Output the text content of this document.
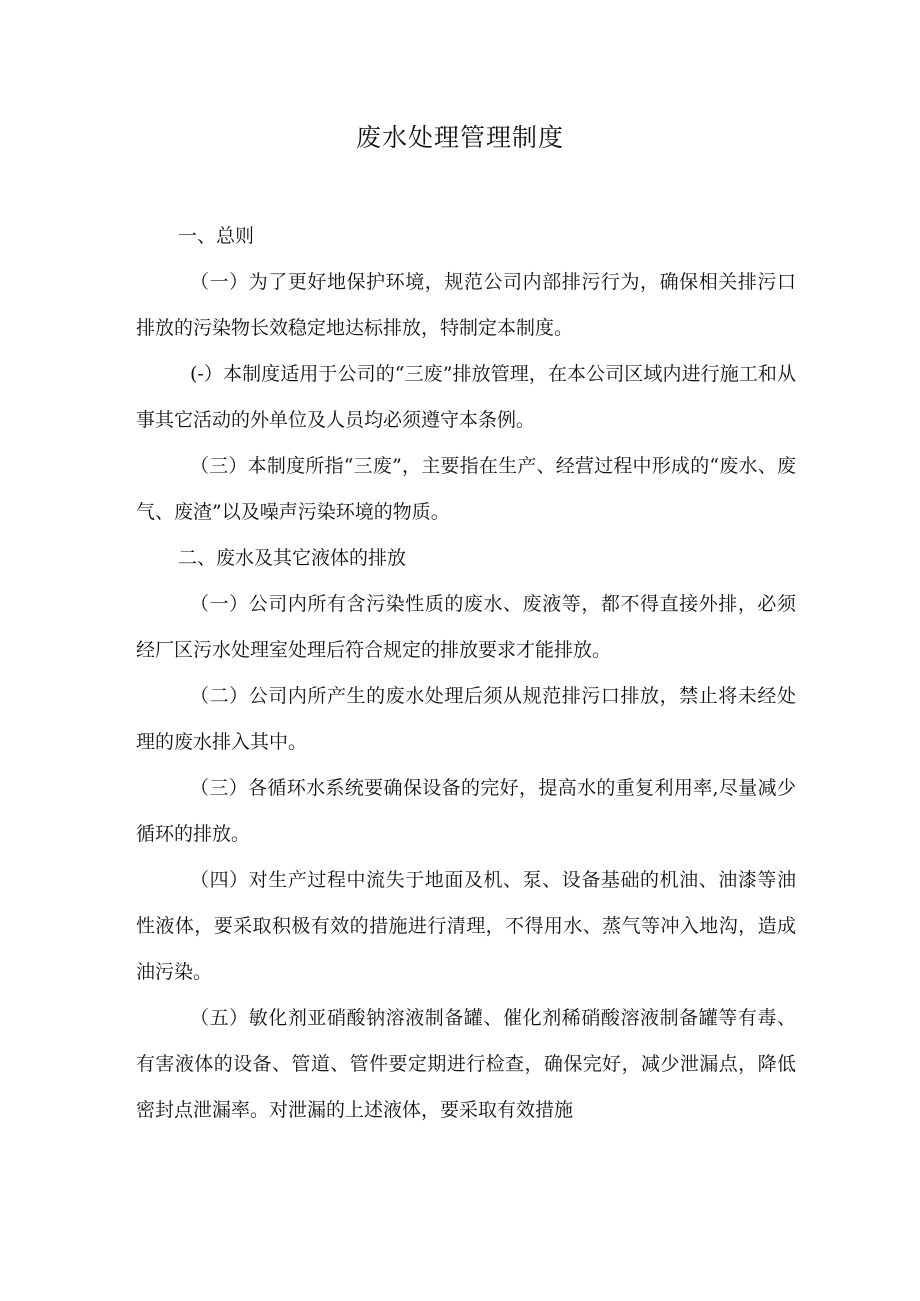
废水处理管理制度

一、总则

（一）为了更好地保护环境，规范公司内部排污行为，确保相关排污口排放的污染物长效稳定地达标排放，特制定本制度。

(-）本制度适用于公司的“三废”排放管理，在本公司区域内进行施工和从事其它活动的外单位及人员均必须遵守本条例。

（三）本制度所指“三废”，主要指在生产、经营过程中形成的“废水、废气、废渣”以及噪声污染环境的物质。

二、废水及其它液体的排放

（一）公司内所有含污染性质的废水、废液等，都不得直接外排，必须经厂区污水处理室处理后符合规定的排放要求才能排放。

（二）公司内所产生的废水处理后须从规范排污口排放，禁止将未经处理的废水排入其中。

（三）各循环水系统要确保设备的完好，提高水的重复利用率,尽量减少循环的排放。

（四）对生产过程中流失于地面及机、泵、设备基础的机油、油漆等油性液体，要采取积极有效的措施进行清理，不得用水、蒸气等冲入地沟，造成油污染。

（五）敏化剂亚硝酸钠溶液制备罐、催化剂稀硝酸溶液制备罐等有毒、有害液体的设备、管道、管件要定期进行检查，确保完好，减少泄漏点，降低密封点泄漏率。对泄漏的上述液体，要采取有效措施
